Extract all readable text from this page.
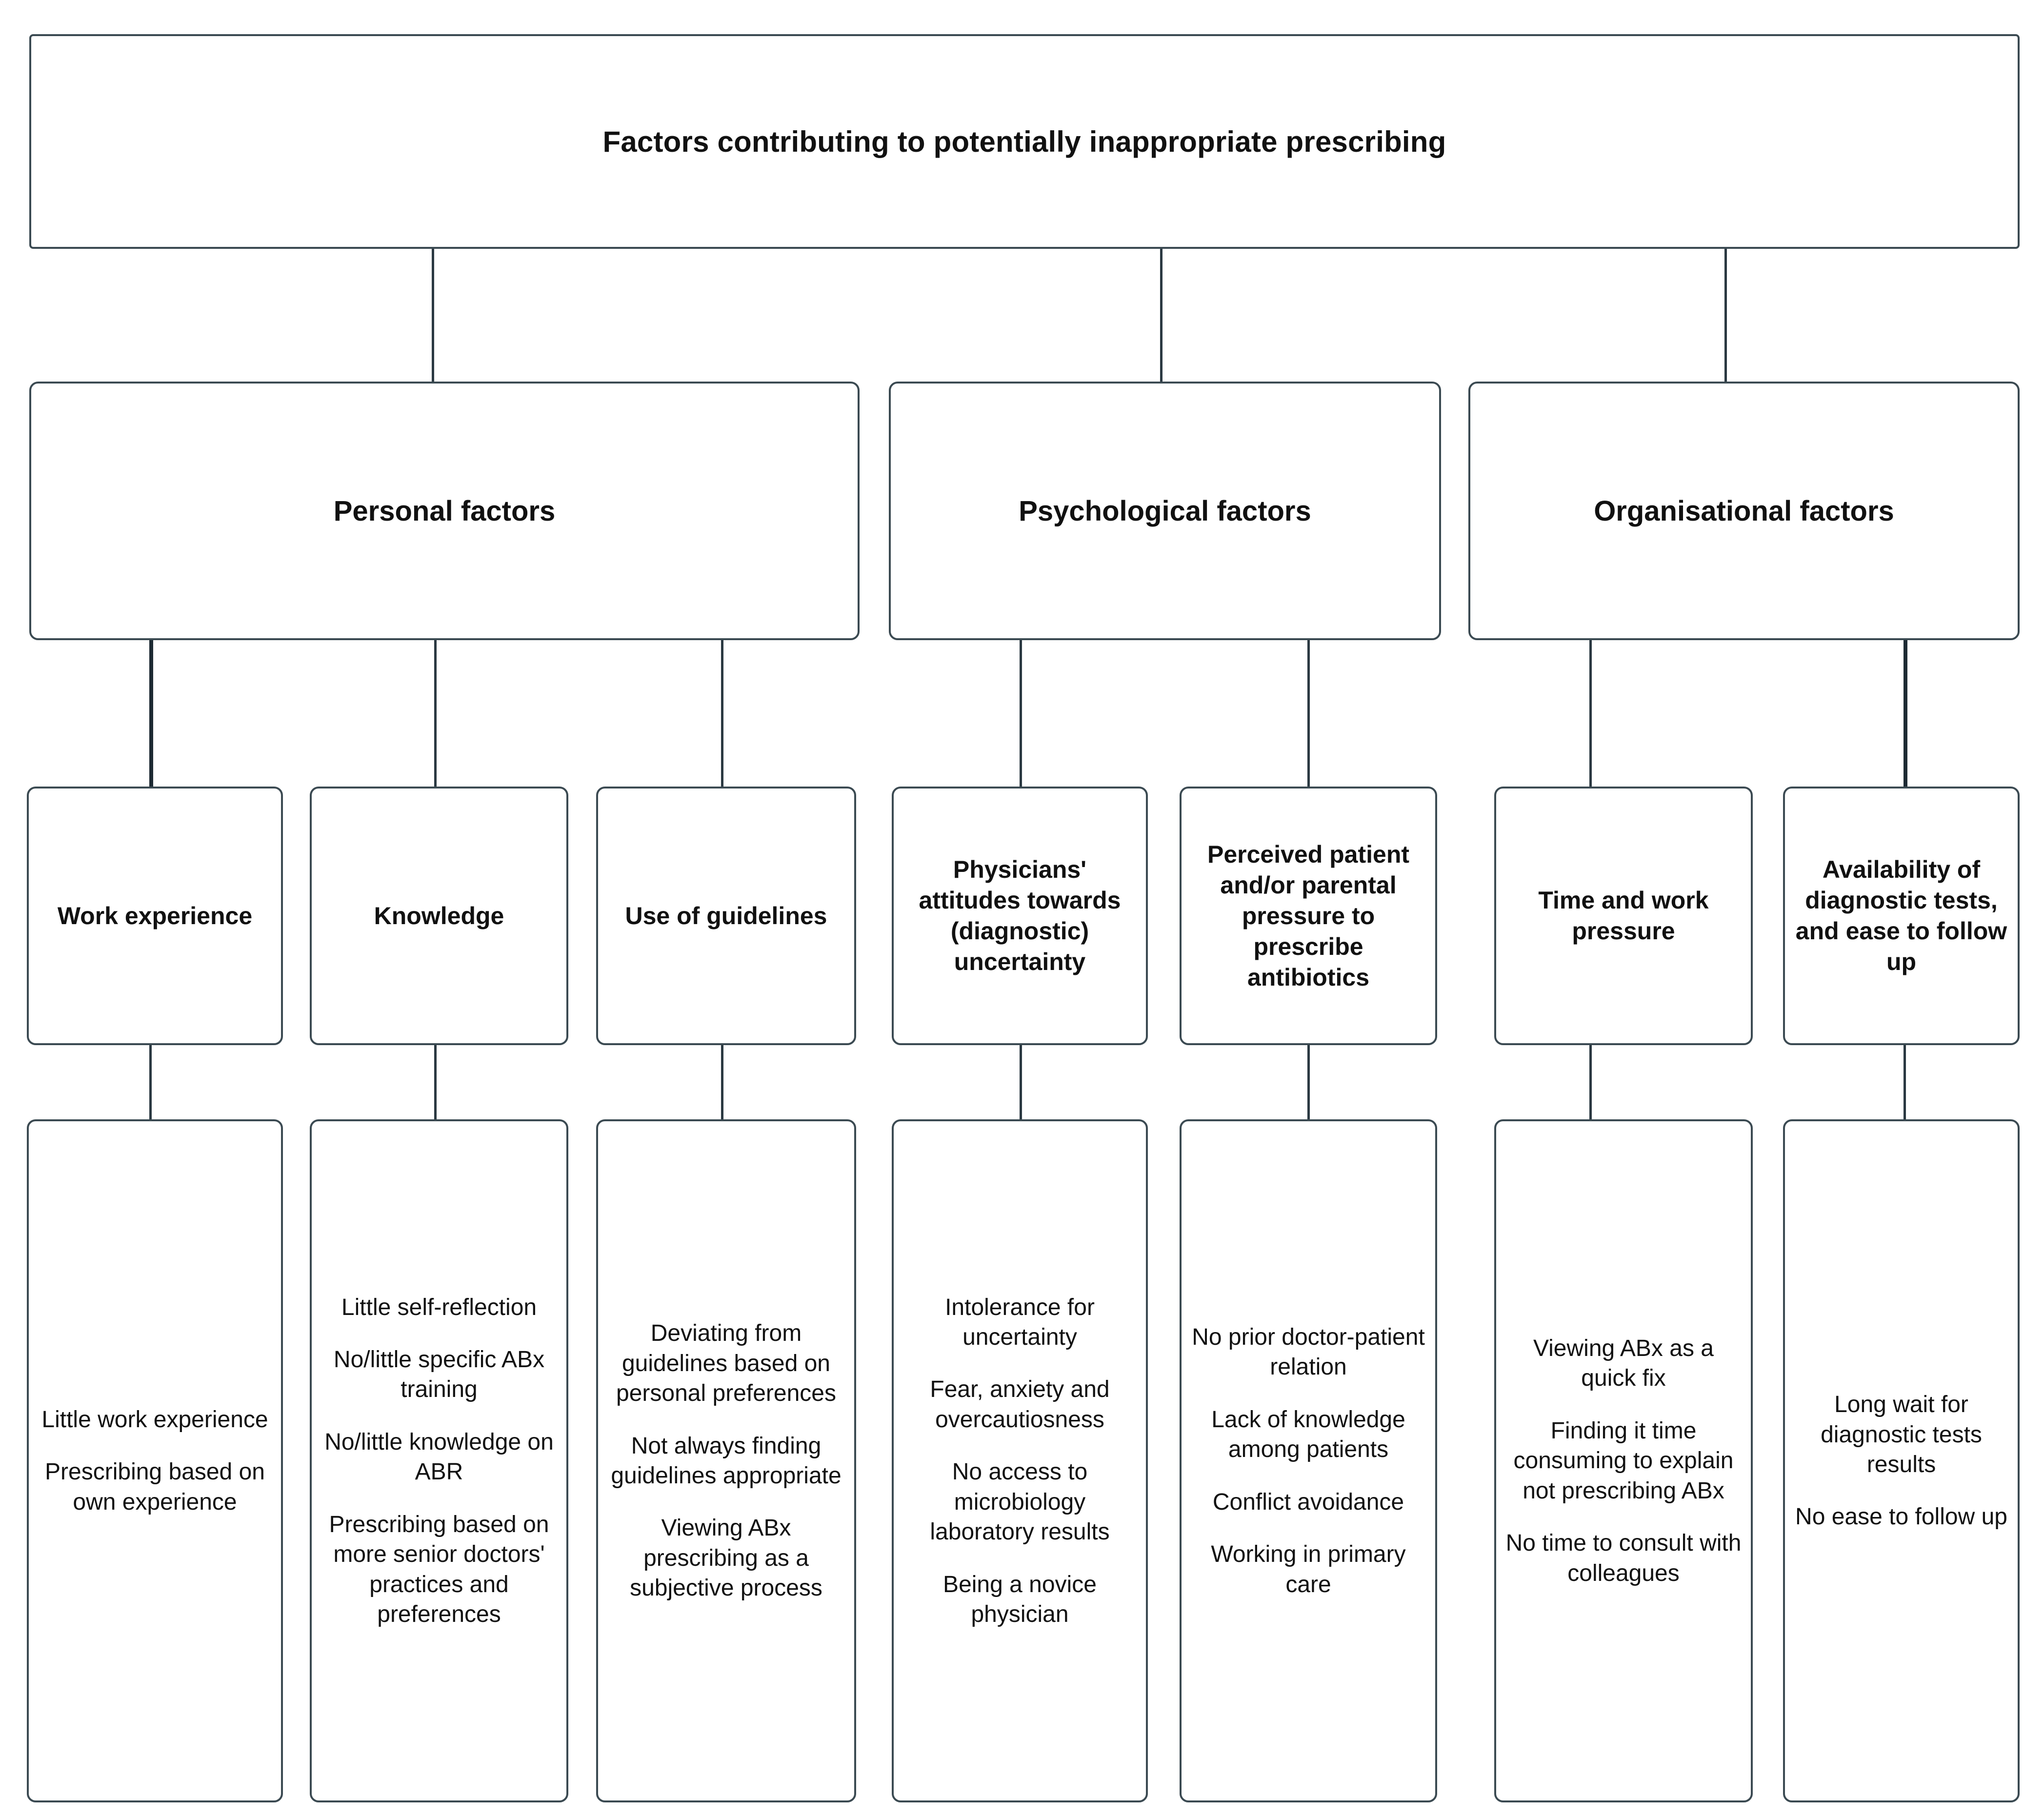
Factors contributing to potentially inappropriate prescribing
Personal factors	Psychological factors	Organisational factors
Work experience	Knowledge	Use of guidelines
Physicians' attitudes towards (diagnostic) uncertainty
Perceived patient and/or parental pressure to prescribe antibiotics
Time and work pressure
Availability of diagnostic tests, and ease to follow up
Little work experience
Prescribing based on own experience
Little self-reflection
No/little specific ABx training
No/little knowledge on ABR
Prescribing based on more senior doctors' practices and preferences
Deviating from guidelines based on personal preferences
Not always finding guidelines appropriate
Viewing ABx prescribing as a subjective process
Intolerance for uncertainty
Fear, anxiety and overcautiosness
No access to microbiology laboratory results
Being a novice physician
No prior doctor-patient relation
Lack of knowledge among patients
Conflict avoidance
Working in primary care
Viewing ABx as a quick fix
Finding it time consuming to explain not prescribing ABx
No time to consult with colleagues
Long wait for diagnostic tests results
No ease to follow up
